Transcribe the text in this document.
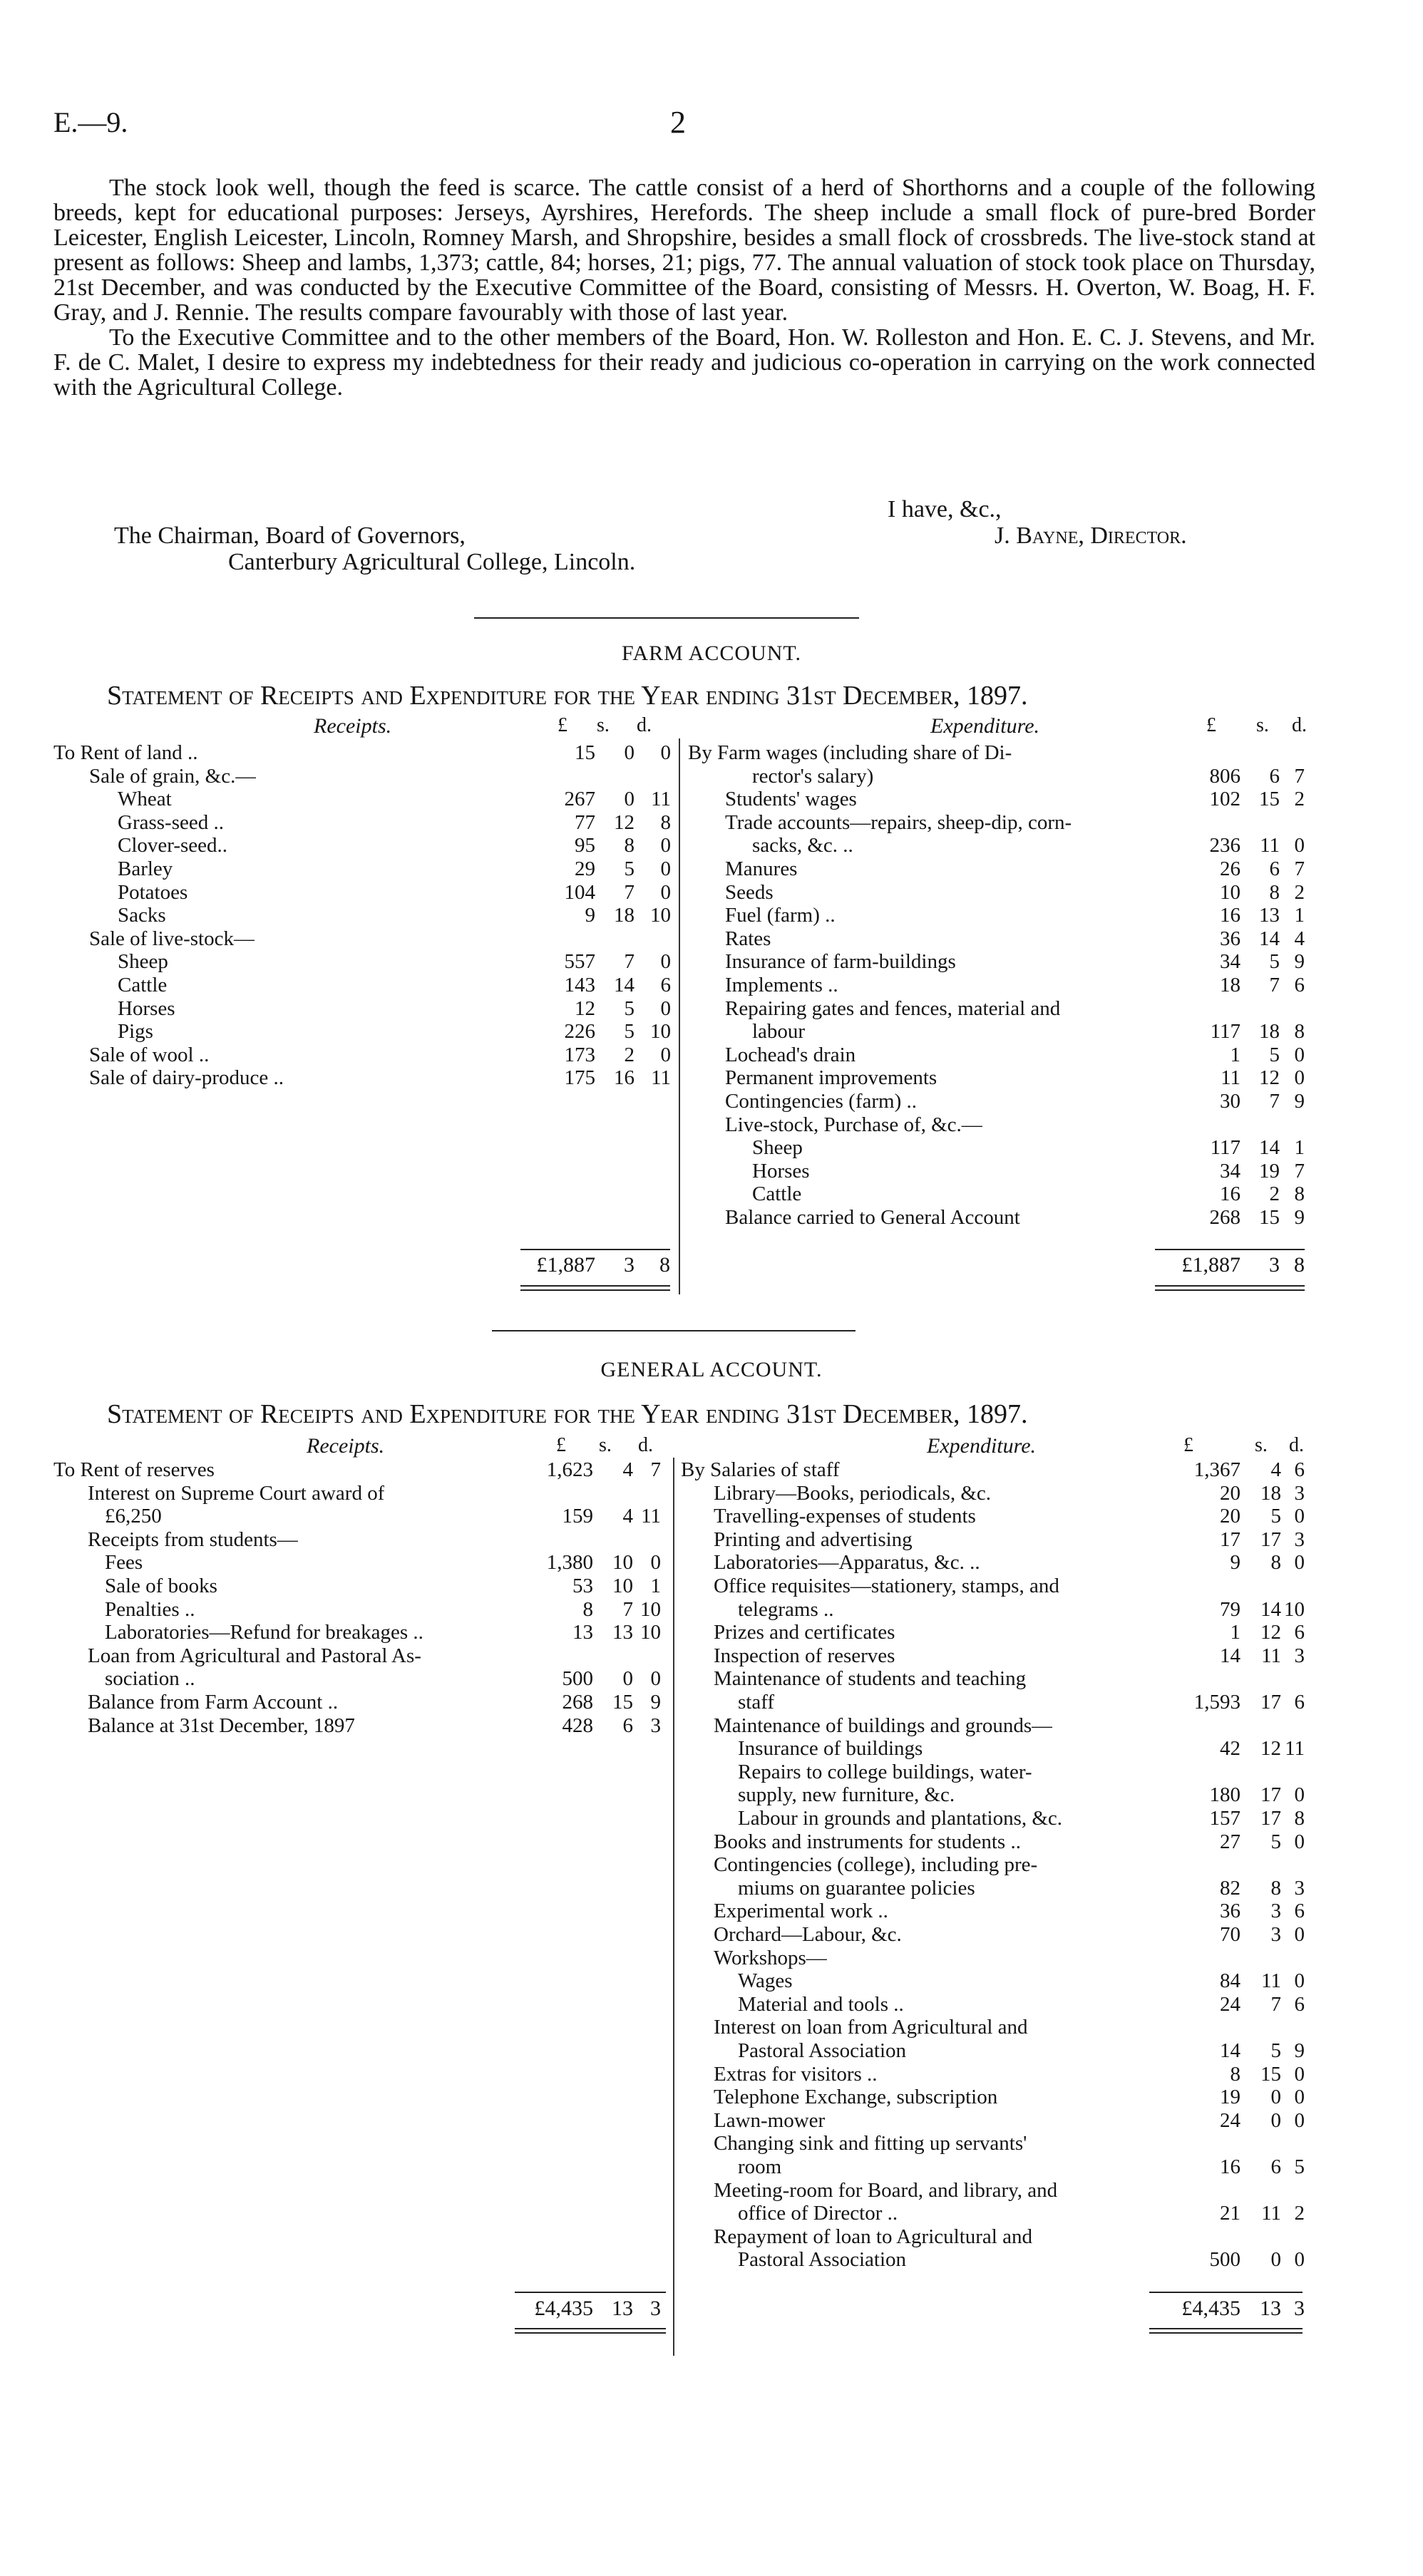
E.—9.	2

The stock look well, though the feed is scarce. The cattle consist of a herd of Shorthorns and a couple of the following breeds, kept for educational purposes: Jerseys, Ayrshires, Herefords. The sheep include a small flock of pure-bred Border Leicester, English Leicester, Lincoln, Romney Marsh, and Shropshire, besides a small flock of crossbreds. The live-stock stand at present as follows: Sheep and lambs, 1,373; cattle, 84; horses, 21; pigs, 77. The annual valuation of stock took place on Thursday, 21st December, and was conducted by the Executive Committee of the Board, consisting of Messrs. H. Overton, W. Boag, H. F. Gray, and J. Rennie. The results compare favourably with those of last year.

To the Executive Committee and to the other members of the Board, Hon. W. Rolleston and Hon. E. C. J. Stevens, and Mr. F. de C. Malet, I desire to express my indebtedness for their ready and judicious co-operation in carrying on the work connected with the Agricultural College.

I have, &c.,
The Chairman, Board of Governors,	J. Bayne, Director.
Canterbury Agricultural College, Lincoln.
FARM ACCOUNT.
Statement of Receipts and Expenditure for the Year ending 31st December, 1897.
Receipts.	£ s. d.	Expenditure.	£ s. d.
To Rent of land ..	15	0	0
Sale of grain, &c.—
Wheat	267	0 11
Grass-seed ..	77 12	8
Clover-seed..	95	8	0
Barley	29	5	0
Potatoes	104	7	0
Sacks	9 18 10
Sale of live-stock—
Sheep	557	7	0
Cattle	143 14	6
Horses	12	5	0
Pigs	226	5 10
Sale of wool ..	173	2	0
Sale of dairy-produce ..	175 16 11
By Farm wages (including share of Di-
rector's salary)	806	6 7
Students' wages	102 15 2
Trade accounts—repairs, sheep-dip, corn-
sacks, &c. ..	236 11 0
Manures	26	6 7
Seeds	10	8 2
Fuel (farm) ..	16 13 1
Rates	36 14 4
Insurance of farm-buildings	34	5 9
Implements ..	18	7 6
Repairing gates and fences, material and
labour	117 18 8
Lochead's drain	1	5 0
Permanent improvements	11 12 0
Contingencies (farm) ..	30	7 9
Live-stock, Purchase of, &c.—
Sheep	117 14 1
Horses	34 19 7
Cattle	16	2 8
Balance carried to General Account	268 15 9
£1,887	3	8	£1,887	3 8
GENERAL ACCOUNT.
Statement of Receipts and Expenditure for the Year ending 31st December, 1897.
Receipts.	£ s. d.	Expenditure.	£	s. d.
To Rent of reserves	1,623	4 7
Interest on Supreme Court award of
£6,250	159	4 11
Receipts from students—
Fees	1,380 10 0
Sale of books	53 10 1
Penalties ..	8	7 10
Laboratories—Refund for breakages ..	13 13 10
Loan from Agricultural and Pastoral As-
sociation ..	500	0 0
Balance from Farm Account ..	268 15 9
Balance at 31st December, 1897	428	6 3
By Salaries of staff	1,367	4 6
Library—Books, periodicals, &c.	20 18 3
Travelling-expenses of students	20	5 0
Printing and advertising	17 17 3
Laboratories—Apparatus, &c. ..	9	8 0
Office requisites—stationery, stamps, and
telegrams ..	79 14 10
Prizes and certificates	1 12 6
Inspection of reserves	14	11 3
Maintenance of students and teaching
staff	1,593 17 6
Maintenance of buildings and grounds—
Insurance of buildings	42 12 11
Repairs to college buildings, water-
supply, new furniture, &c.	180 17 0
Labour in grounds and plantations, &c.	157 17 8
Books and instruments for students ..	27	5 0
Contingencies (college), including pre-
miums on guarantee policies	82	8 3
Experimental work ..	36	3 6
Orchard—Labour, &c.	70	3 0
Workshops—
Wages	84	11 0
Material and tools ..	24	7 6
Interest on loan from Agricultural and
Pastoral Association	14	5 9
Extras for visitors ..	8 15 0
Telephone Exchange, subscription	19	0 0
Lawn-mower	24	0 0
Changing sink and fitting up servants'
room	16	6 5
Meeting-room for Board, and library, and
office of Director ..	21	11 2
Repayment of loan to Agricultural and
Pastoral Association	500	0 0
£4,435 13 3	£4,435 13 3
